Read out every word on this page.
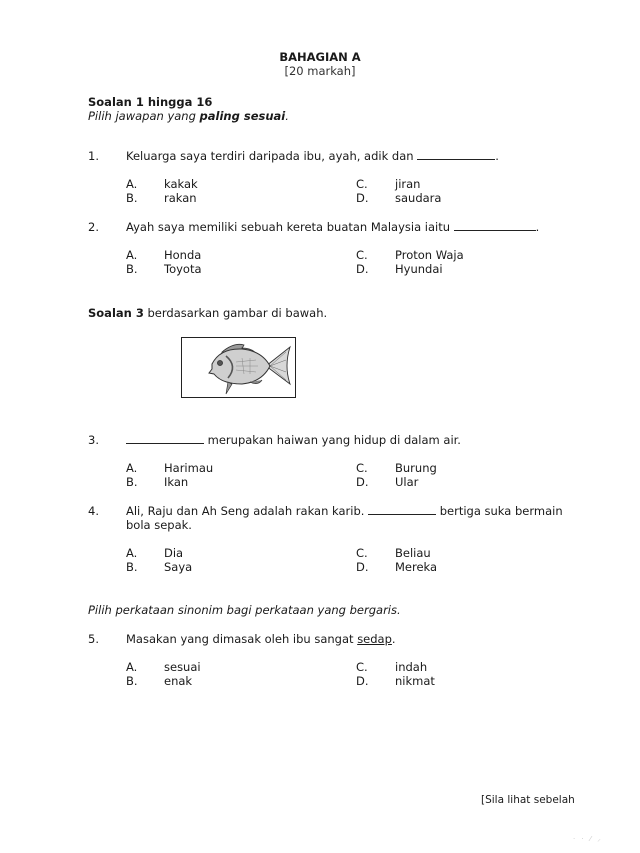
BAHAGIAN A
[20 markah]
Soalan 1 hingga 16
Pilih jawapan yang paling sesuai.
1. Keluarga saya terdiri daripada ibu, ayah, adik dan	.
A. kakak
B. rakan
C. jiran
D. saudara
2. Ayah saya memiliki sebuah kereta buatan Malaysia iaitu	.
A. Honda
B. Toyota
C. Proton Waja
D. Hyundai
Soalan 3 berdasarkan gambar di bawah.
3.	merupakan haiwan yang hidup di dalam air.
A. Harimau
B. Ikan
C. Burung
D. Ular
4. Ali, Raju dan Ah Seng adalah rakan karib.	bertiga suka bermain
bola sepak.
A. Dia
B. Saya
C. Beliau
D. Mereka
Pilih perkataan sinonim bagi perkataan yang bergaris.
5. Masakan yang dimasak oleh ibu sangat sedap.
A. sesuai
B. enak
C. indah
D. nikmat
[Sila lihat sebelah
· · ⁄ ⸝
